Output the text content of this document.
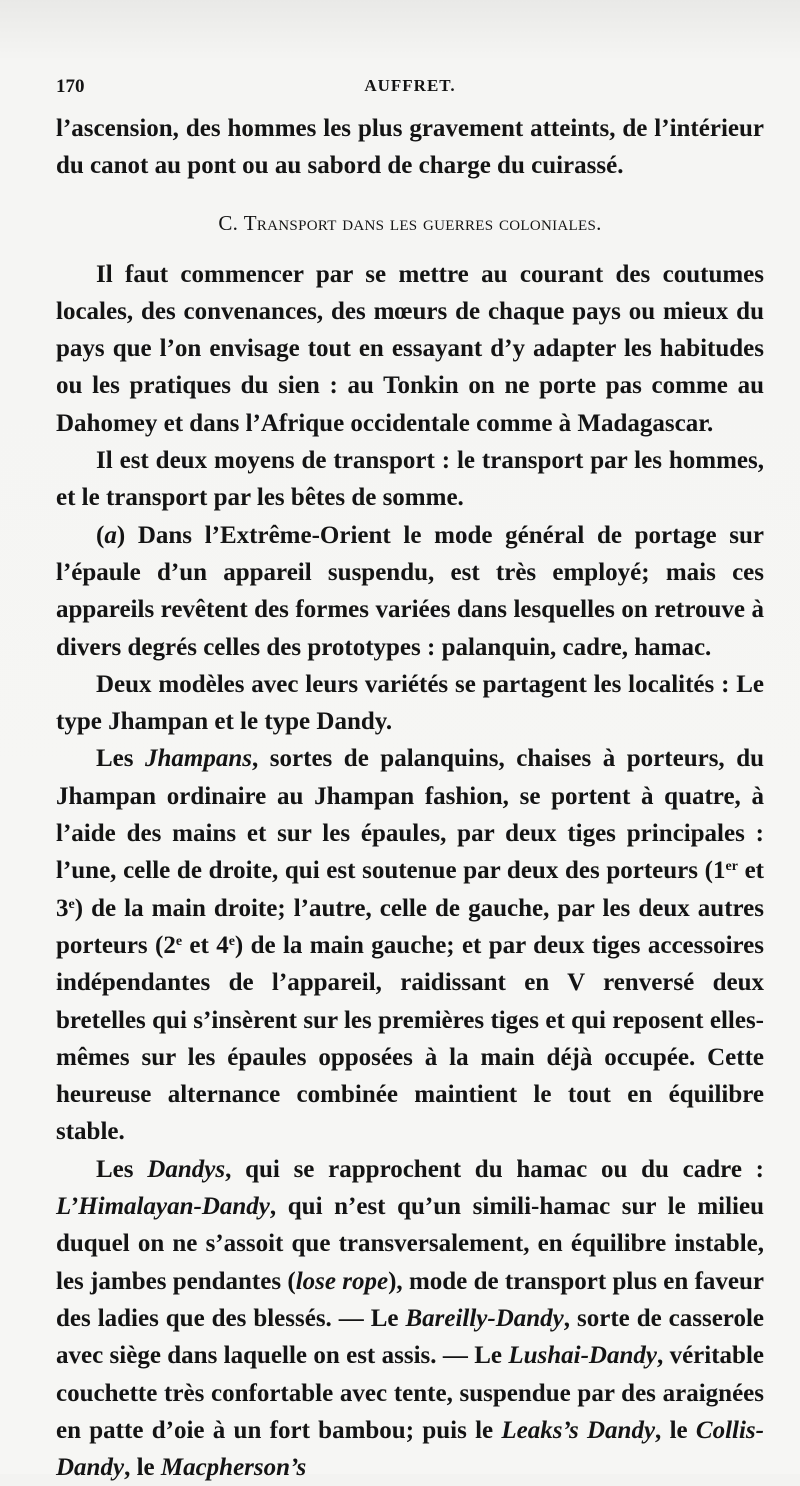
170	AUFFRET.

l’ascension, des hommes les plus gravement atteints, de l’intérieur du canot au pont ou au sabord de charge du cuirassé.

C. Transport dans les guerres coloniales.

Il faut commencer par se mettre au courant des coutumes locales, des convenances, des mœurs de chaque pays ou mieux du pays que l’on envisage tout en essayant d’y adapter les habitudes ou les pratiques du sien : au Tonkin on ne porte pas comme au Dahomey et dans l’Afrique occidentale comme à Madagascar.

Il est deux moyens de transport : le transport par les hommes, et le transport par les bêtes de somme.

(a) Dans l’Extrême-Orient le mode général de portage sur l’épaule d’un appareil suspendu, est très employé; mais ces appareils revêtent des formes variées dans lesquelles on retrouve à divers degrés celles des prototypes : palanquin, cadre, hamac.

Deux modèles avec leurs variétés se partagent les localités : Le type Jhampan et le type Dandy.

Les Jhampans, sortes de palanquins, chaises à porteurs, du Jhampan ordinaire au Jhampan fashion, se portent à quatre, à l’aide des mains et sur les épaules, par deux tiges principales : l’une, celle de droite, qui est soutenue par deux des porteurs (1er et 3e) de la main droite; l’autre, celle de gauche, par les deux autres porteurs (2e et 4e) de la main gauche; et par deux tiges accessoires indépendantes de l’appareil, raidissant en V renversé deux bretelles qui s’insèrent sur les premières tiges et qui reposent elles-mêmes sur les épaules opposées à la main déjà occupée. Cette heureuse alternance combinée maintient le tout en équilibre stable.

Les Dandys, qui se rapprochent du hamac ou du cadre : L’Himalayan-Dandy, qui n’est qu’un simili-hamac sur le milieu duquel on ne s’assoit que transversalement, en équilibre instable, les jambes pendantes (lose rope), mode de transport plus en faveur des ladies que des blessés. — Le Bareilly-Dandy, sorte de casserole avec siège dans laquelle on est assis. — Le Lushai-Dandy, véritable couchette très confortable avec tente, suspendue par des araignées en patte d’oie à un fort bambou; puis le Leaks’s Dandy, le Collis-Dandy, le Macpherson’s
